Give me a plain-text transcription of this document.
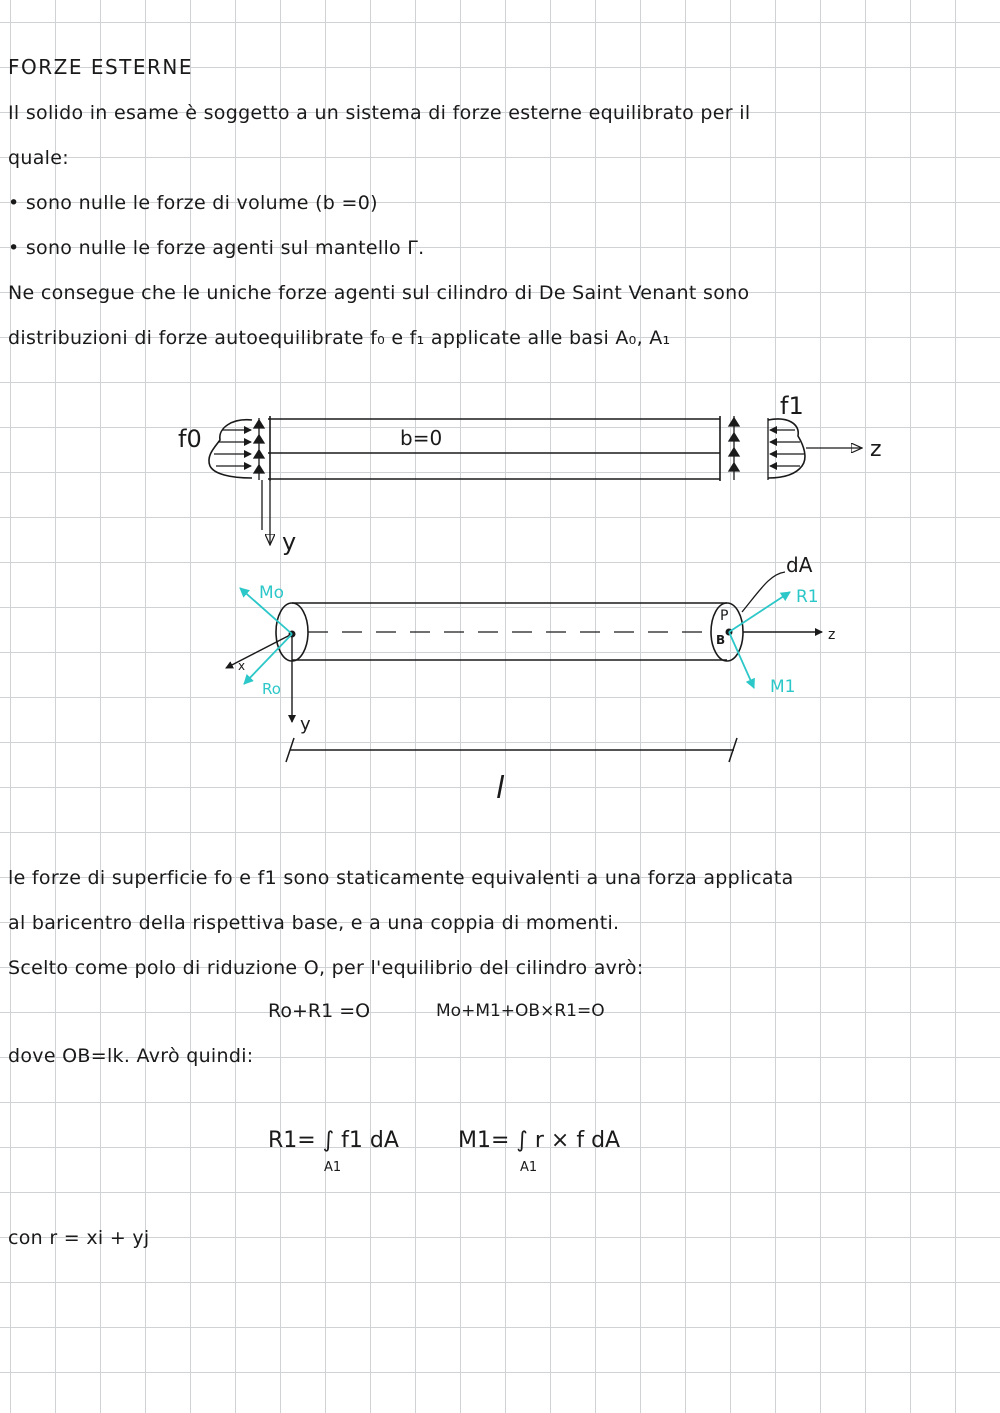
FORZE ESTERNE

Il solido in esame è soggetto a un sistema di forze esterne equilibrato per il

quale:

• sono nulle le forze di volume (b =0)

• sono nulle le forze agenti sul mantello Γ.

Ne consegue che le uniche forze agenti sul cilindro di De Saint Venant sono

distribuzioni di forze autoequilibrate f₀ e f₁ applicate alle basi A₀, A₁

f0	b=0
f1
z
y
P
B	z
y
x
Mo
Ro
R1
M1
dA
l

le forze di superficie fo e f1 sono staticamente equivalenti a una forza applicata

al baricentro della rispettiva base, e a una coppia di momenti.

Scelto come polo di riduzione O, per l'equilibrio del cilindro avrò:

Ro+R1 =O	Mo+M1+OB×R1=O

dove OB=lk. Avrò quindi:

R1= ∫ f1 dA

A1

M1= ∫ r × f dA

A1

con r = xi + yj
